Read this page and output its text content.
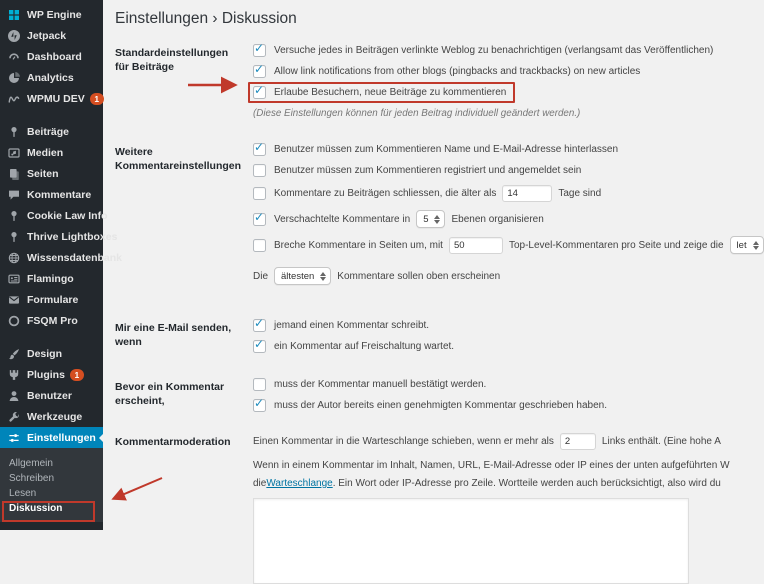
WP Engine
Jetpack
Dashboard
Analytics
WPMU DEV	1
Beiträge
Medien
Seiten
Kommentare
Cookie Law Info
Thrive Lightboxes
Wissensdatenbank
Flamingo
Formulare
FSQM Pro
Design
Plugins	1
Benutzer
Werkzeuge
Einstellungen
Allgemein
Schreiben
Lesen
Diskussion
Einstellungen › Diskussion
Standardeinstellungen für Beiträge
✓
Versuche jedes in Beiträgen verlinkte Weblog zu benachrichtigen (verlangsamt das Veröffentlichen)
✓
Allow link notifications from other blogs (pingbacks and trackbacks) on new articles
✓
Erlaube Besuchern, neue Beiträge zu kommentieren
(Diese Einstellungen können für jeden Beitrag individuell geändert werden.)
Weitere Kommentareinstellungen
✓
Benutzer müssen zum Kommentieren Name und E-Mail-Adresse hinterlassen
Benutzer müssen zum Kommentieren registriert und angemeldet sein
Kommentare zu Beiträgen schliessen, die älter als
14	Tage sind
✓
Verschachtelte Kommentare in 5 Ebenen organisieren
Breche Kommentare in Seiten um, mit
50	Top-Level-Kommentaren pro Seite und zeige die let
Die ältesten Kommentare sollen oben erscheinen
Mir eine E-Mail senden, wenn
✓
jemand einen Kommentar schreibt.
✓
ein Kommentar auf Freischaltung wartet.
Bevor ein Kommentar erscheint,
muss der Kommentar manuell bestätigt werden.
✓
muss der Autor bereits einen genehmigten Kommentar geschrieben haben.
Kommentarmoderation	Einen Kommentar in die Warteschlange schieben, wenn er mehr als
2	Links enthält. (Eine hohe A
Wenn in einem Kommentar im Inhalt, Namen, URL, E-Mail-Adresse oder IP eines der unten aufgeführten W
die Warteschlange . Ein Wort oder IP-Adresse pro Zeile. Wortteile werden auch berücksichtigt, also wird du
